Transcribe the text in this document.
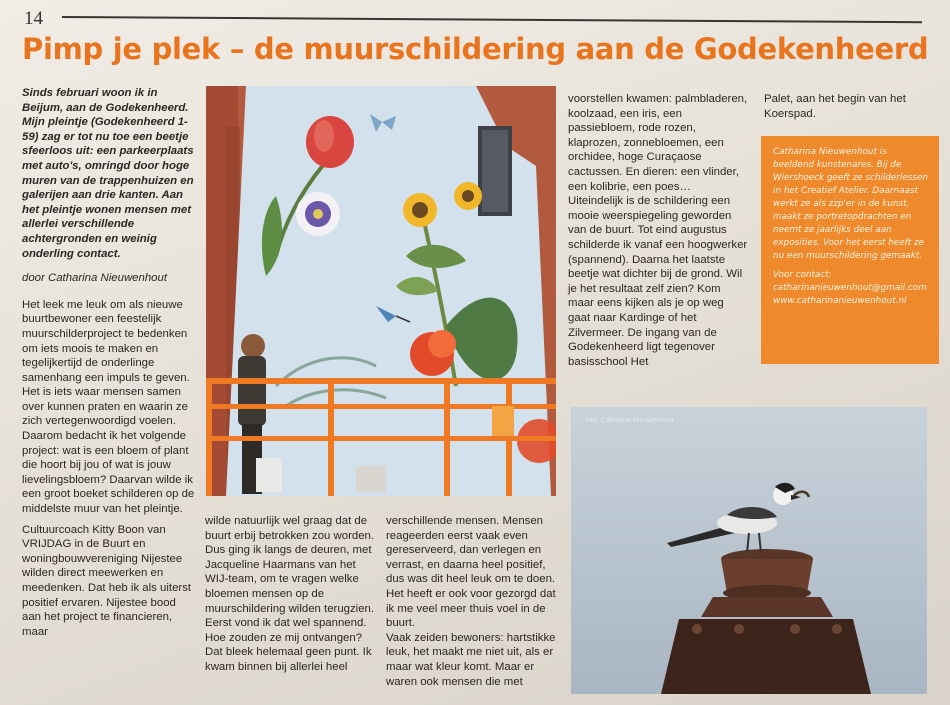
14
Pimp je plek – de muurschildering aan de Godekenheerd

Sinds februari woon ik in Beijum, aan de Godekenheerd. Mijn pleintje (Godekenheerd 1-59) zag er tot nu toe een beetje sfeerloos uit: een parkeerplaats met auto's, omringd door hoge muren van de trappenhuizen en galerijen aan drie kanten. Aan het pleintje wonen mensen met allerlei verschillende achtergronden en weinig onderling contact.

door Catharina Nieuwenhout

Het leek me leuk om als nieuwe buurtbewoner een feestelijk muurschilderproject te bedenken om iets moois te maken en tegelijkertijd de onderlinge samenhang een impuls te geven. Het is iets waar mensen samen over kunnen praten en waarin ze zich vertegenwoordigd voelen. Daarom bedacht ik het volgende project: wat is een bloem of plant die hoort bij jou of wat is jouw lievelingsbloem? Daarvan wilde ik een groot boeket schilderen op de middelste muur van het pleintje.

Cultuurcoach Kitty Boon van VRIJDAG in de Buurt en woningbouwvereniging Nijestee wilden direct meewerken en meedenken. Dat heb ik als uiterst positief ervaren. Nijestee bood aan het project te financieren, maar

wilde natuurlijk wel graag dat de buurt erbij betrokken zou worden. Dus ging ik langs de deuren, met Jacqueline Haarmans van het WIJ-team, om te vragen welke bloemen mensen op de muurschildering wilden terugzien. Eerst vond ik dat wel spannend. Hoe zouden ze mij ontvangen?

Dat bleek helemaal geen punt. Ik kwam binnen bij allerlei heel

verschillende mensen. Mensen reageerden eerst vaak even gereserveerd, dan verlegen en verrast, en daarna heel positief, dus was dit heel leuk om te doen. Het heeft er ook voor gezorgd dat ik me veel meer thuis voel in de buurt.

Vaak zeiden bewoners: hartstikke leuk, het maakt me niet uit, als er maar wat kleur komt. Maar er waren ook mensen die met

voorstellen kwamen: palmbladeren, koolzaad, een iris, een passiebloem, rode rozen, klaprozen, zonnebloemen, een orchidee, hoge Curaçaose cactussen. En dieren: een vlinder, een kolibrie, een poes… Uiteindelijk is de schildering een mooie weerspiegeling geworden van de buurt. Tot eind augustus schilderde ik vanaf een hoogwerker (spannend). Daarna het laatste beetje wat dichter bij de grond. Wil je het resultaat zelf zien? Kom maar eens kijken als je op weg gaat naar Kardinge of het Zilvermeer. De ingang van de Godekenheerd ligt tegenover basisschool Het

Palet, aan het begin van het Koerspad.

Catharina Nieuwenhout is beeldend kunstenares. Bij de Wiershoeck geeft ze schilderlessen in het Creatief Atelier. Daarnaast werkt ze als zzp'er in de kunst, maakt ze portretopdrachten en neemt ze jaarlijks deel aan exposities. Voor het eerst heeft ze nu een muurschildering gemaakt.

Voor contact: catharinanieuwenhout@gmail.com

www.catharinanieuwenhout.nl

foto: Catharina Nieuwenhout
